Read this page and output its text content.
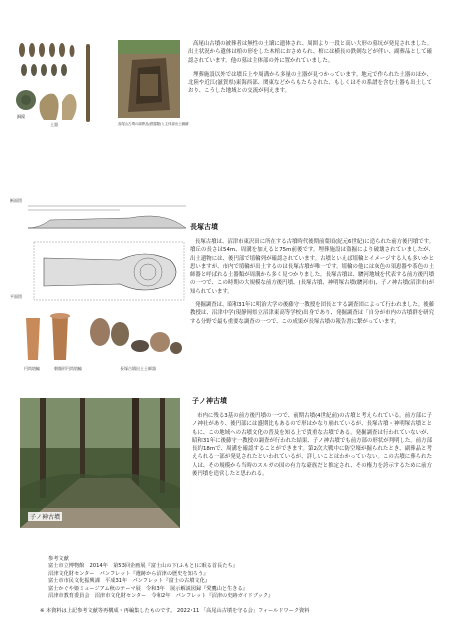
銅鏡
土器	高尾山古墳の副葬品(鉄器類)と主体部出土銅鏡

高尾山古墳の被葬者は無性の土壌に遺体され、周囲より一段と高い大形の墓坑が発見されました。出土状況から遺体は棺の形をした木棺におさめられ、棺には横長の鉄剣などが伴い、副葬品として確認されています。他の墓は主体部の外に置かれていました。

埋葬施設以外では墳丘上や周溝から多量の土器が見つかっています。地元で作られた土器のほか、北陸や近江(滋賀県)東海西部、関東などからもたらされた、もしくはその系譜を含む土器も出土しており、こうした地域との交流が伺えます。

断面図
平面図
円筒埴輪	朝顔形円筒埴輪	長塚古墳出土土師器

長塚古墳

長塚古墳は、沼津市東沢田に所在する古墳時代後期前葉頃(紀元6世紀)に造られた前方後円墳です。墳丘の長さは54m、周溝を加えると75m前後です。埋葬施設は盗掘により破壊されていましたが、出土遺物には、後円部で埴輪列が確認されています。古墳といえば埴輪とイメージする人も多いかと思いますが、市内で埴輪が出土するのは長塚古墳が唯一です。埴輪の他には灰色の須恵器や茶色の土師器と呼ばれる土器類が周溝から多く見つかりました。長塚古墳は、駿河地域を代表する前方後円墳の一つで、この時期の大規模な前方後円墳、(長塚古墳、神明塚古墳(駿河市)、子ノ神古墳(沼津市)が知られています。

発掘調査は、昭和31年に明治大学の後藤守一教授を団長とする調査団によって行われました。後藤教授は、沼津中学(現静岡県立沼津東高等学校)出身であり、発掘調査は「自分が市内の古墳群を研究する分野で最も重要な調査の一つで、この成果が長塚古墳の報告書に繋がっています。

子ノ神古墳

市内に残る3基の前方後円墳の一つで、前期古墳(4世紀前)の古墳と考えられている。前方部に子ノ神社があり、後円部には盛期比もあるので形はかなり崩れているが、長塚古墳・神明塚古墳とともに、この地域への古墳文化の普及を知る上で貴重な古墳である。発掘調査は行われていないが、昭和31年に後藤守一教授の調査が行われた結果、子ノ神古墳でも前方部の形状が判明した。前方部長約18mで、周溝を確認することができます。第2次大戦中に防空壕が掘られたとき、副葬品と考えられる一部が発見されたといわれているが、詳しいことはわかっていない。この古墳に葬られた人は、その規模から当時のスルガの国の有力な豪族だと推定され、その権力を誇示するために前方後円墳を造営したと思われる。

子ノ神古墳
参考文献
富士市立博物館　2014年　第53回企画展『富士山の下(ふもと)に眠る首長たち』
沼津文化財センター　パンフレット『遺跡から沼津の歴史を知ろう』
富士市市民文化振興課　平成31年　パンフレット『富士の古墳文化』
富士かぐや姫ミュージアム秋のテーマ展　令和3年　展示解説図録『愛鷹山と生きる』
沼津市教育委員会　沼津市文化財センター　令和2年　パンフレット『沼津の史跡ガイドブック』
※ 本資料は上記参考文献等再構成・再編集したものです。 2022･11 「高尾山古墳を守る会」フィールドワーク資料
